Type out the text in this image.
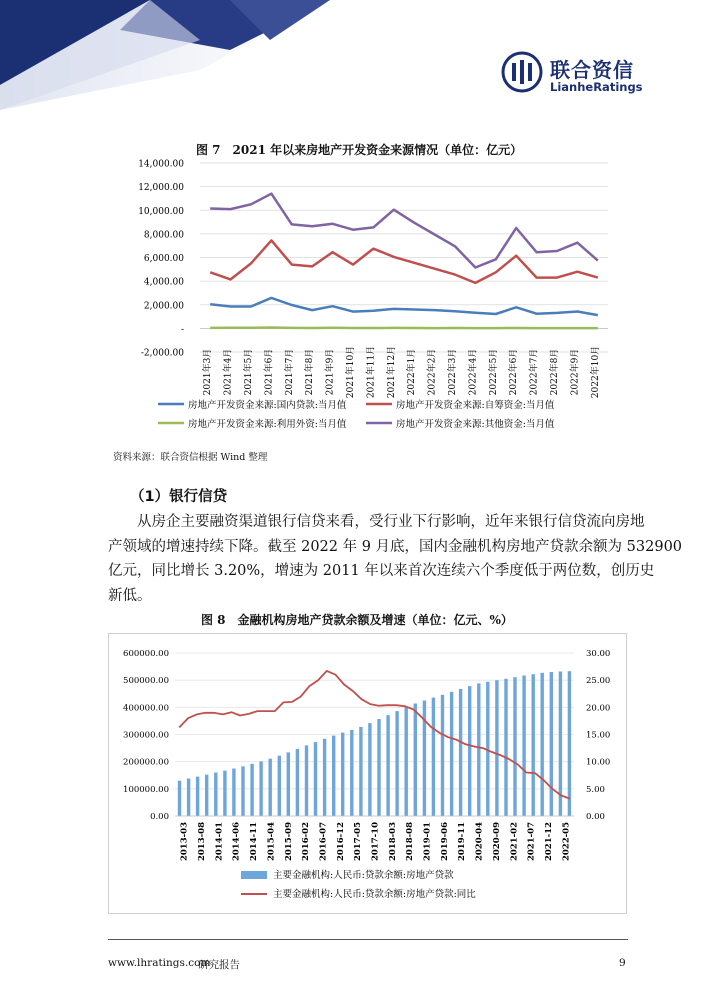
联合资信
LianheRatings
图 7　2021 年以来房地产开发资金来源情况（单位：亿元）
-2,000.00
-
2,000.00
4,000.00
6,000.00
8,000.00
10,000.00
12,000.00
14,000.00
2021年3月 2021年4月 2021年5月 2021年6月 2021年7月 2021年8月 2021年9月 2021年10月 2021年11月 2021年12月 2022年1月 2022年2月 2022年3月 2022年4月 2022年5月 2022年6月 2022年7月 2022年8月 2022年9月 2022年10月
房地产开发资金来源:国内贷款:当月值	房地产开发资金来源:自筹资金:当月值
房地产开发资金来源:利用外资:当月值	房地产开发资金来源:其他资金:当月值
资料来源：联合资信根据 Wind 整理
（1）银行信贷
从房企主要融资渠道银行信贷来看，受行业下行影响，近年来银行信贷流向房地
产领域的增速持续下降。截至 2022 年 9 月底，国内金融机构房地产贷款余额为 532900
亿元，同比增长 3.20%，增速为 2011 年以来首次连续六个季度低于两位数，创历史
新低。
图 8　金融机构房地产贷款余额及增速（单位：亿元、%）
0.00
100000.00
200000.00
300000.00
400000.00
500000.00
600000.00
0.00
5.00
10.00
15.00
20.00
25.00
30.00
2013-03 2013-08 2014-01 2014-06 2014-11 2015-04 2015-09 2016-02 2016-07 2016-12 2017-05 2017-10 2018-03 2018-08 2019-01 2019-06 2019-11 2020-04 2020-09 2021-02 2021-07 2021-12 2022-05
主要金融机构:人民币:贷款余额:房地产贷款
主要金融机构:人民币:贷款余额:房地产贷款:同比
www.lhratings.com
研究报告	9
